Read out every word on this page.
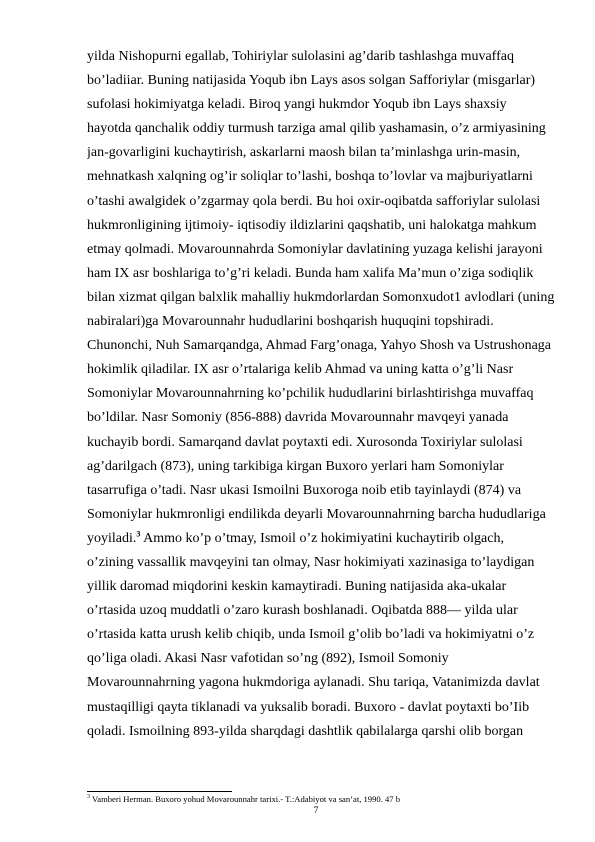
yilda Nishopurni egallab, Tohiriylar sulolasini ag’darib tashlashga muvaffaq
bo’ladiiar. Buning natijasida Yoqub ibn Lays asos solgan Safforiylar (misgarlar)
sufolasi hokimiyatga keladi. Biroq yangi hukmdor Yoqub ibn Lays shaxsiy
hayotda qanchalik oddiy turmush tarziga amal qilib yashamasin, o’z armiyasining
jan-govarligini kuchaytirish, askarlarni maosh bilan ta’minlashga urin-masin,
mehnatkash xalqning og’ir soliqlar to’lashi, boshqa to’lovlar va majburiyatlarni
o’tashi awalgidek o’zgarmay qola berdi. Bu hoi oxir-oqibatda safforiylar sulolasi
hukmronligining ijtimoiy- iqtisodiy ildizlarini qaqshatib, uni halokatga mahkum
etmay qolmadi. Movarounnahrda Somoniylar davlatining yuzaga kelishi jarayoni
ham IX asr boshlariga to’g’ri keladi. Bunda ham xalifa Ma’mun o’ziga sodiqlik
bilan xizmat qilgan balxlik mahalliy hukmdorlardan Somonxudot1 avlodlari (uning
nabiralari)ga Movarounnahr hududlarini boshqarish huquqini topshiradi.
Chunonchi, Nuh Samarqandga, Ahmad Farg’onaga, Yahyo Shosh va Ustrushonaga
hokimlik qiladilar. IX asr o’rtalariga kelib Ahmad va uning katta o’g’li Nasr
Somoniylar Movarounnahrning ko’pchilik hududlarini birlashtirishga muvaffaq
bo’ldilar. Nasr Somoniy (856-888) davrida Movarounnahr mavqeyi yanada
kuchayib bordi. Samarqand davlat poytaxti edi. Xurosonda Toxiriylar sulolasi
ag’darilgach (873), uning tarkibiga kirgan Buxoro yerlari ham Somoniylar
tasarrufiga o’tadi. Nasr ukasi Ismoilni Buxoroga noib etib tayinlaydi (874) va
Somoniylar hukmronligi endilikda deyarli Movarounnahrning barcha hududlariga
yoyiladi.$^3$ Ammo ko’p o’tmay, Ismoil o’z hokimiyatini kuchaytirib olgach,
o’zining vassallik mavqeyini tan olmay, Nasr hokimiyati xazinasiga to’laydigan
yillik daromad miqdorini keskin kamaytiradi. Buning natijasida aka-ukalar
o’rtasida uzoq muddatli o’zaro kurash boshlanadi. Oqibatda 888— yilda ular
o’rtasida katta urush kelib chiqib, unda Ismoil g’olib bo’ladi va hokimiyatni o’z
qo’liga oladi. Akasi Nasr vafotidan so’ng (892), Ismoil Somoniy
Movarounnahrning yagona hukmdoriga aylanadi. Shu tariqa, Vatanimizda davlat
mustaqilligi qayta tiklanadi va yuksalib boradi. Buxoro - davlat poytaxti bo’Iib
qoladi. Ismoilning 893-yilda sharqdagi dashtlik qabilalarga qarshi olib borgan
$^3$ Vamberi Herman. Buxoro yohud Movarounnahr tarixi.- T.:Adabiyot va san’at, 1990. 47 b
7
